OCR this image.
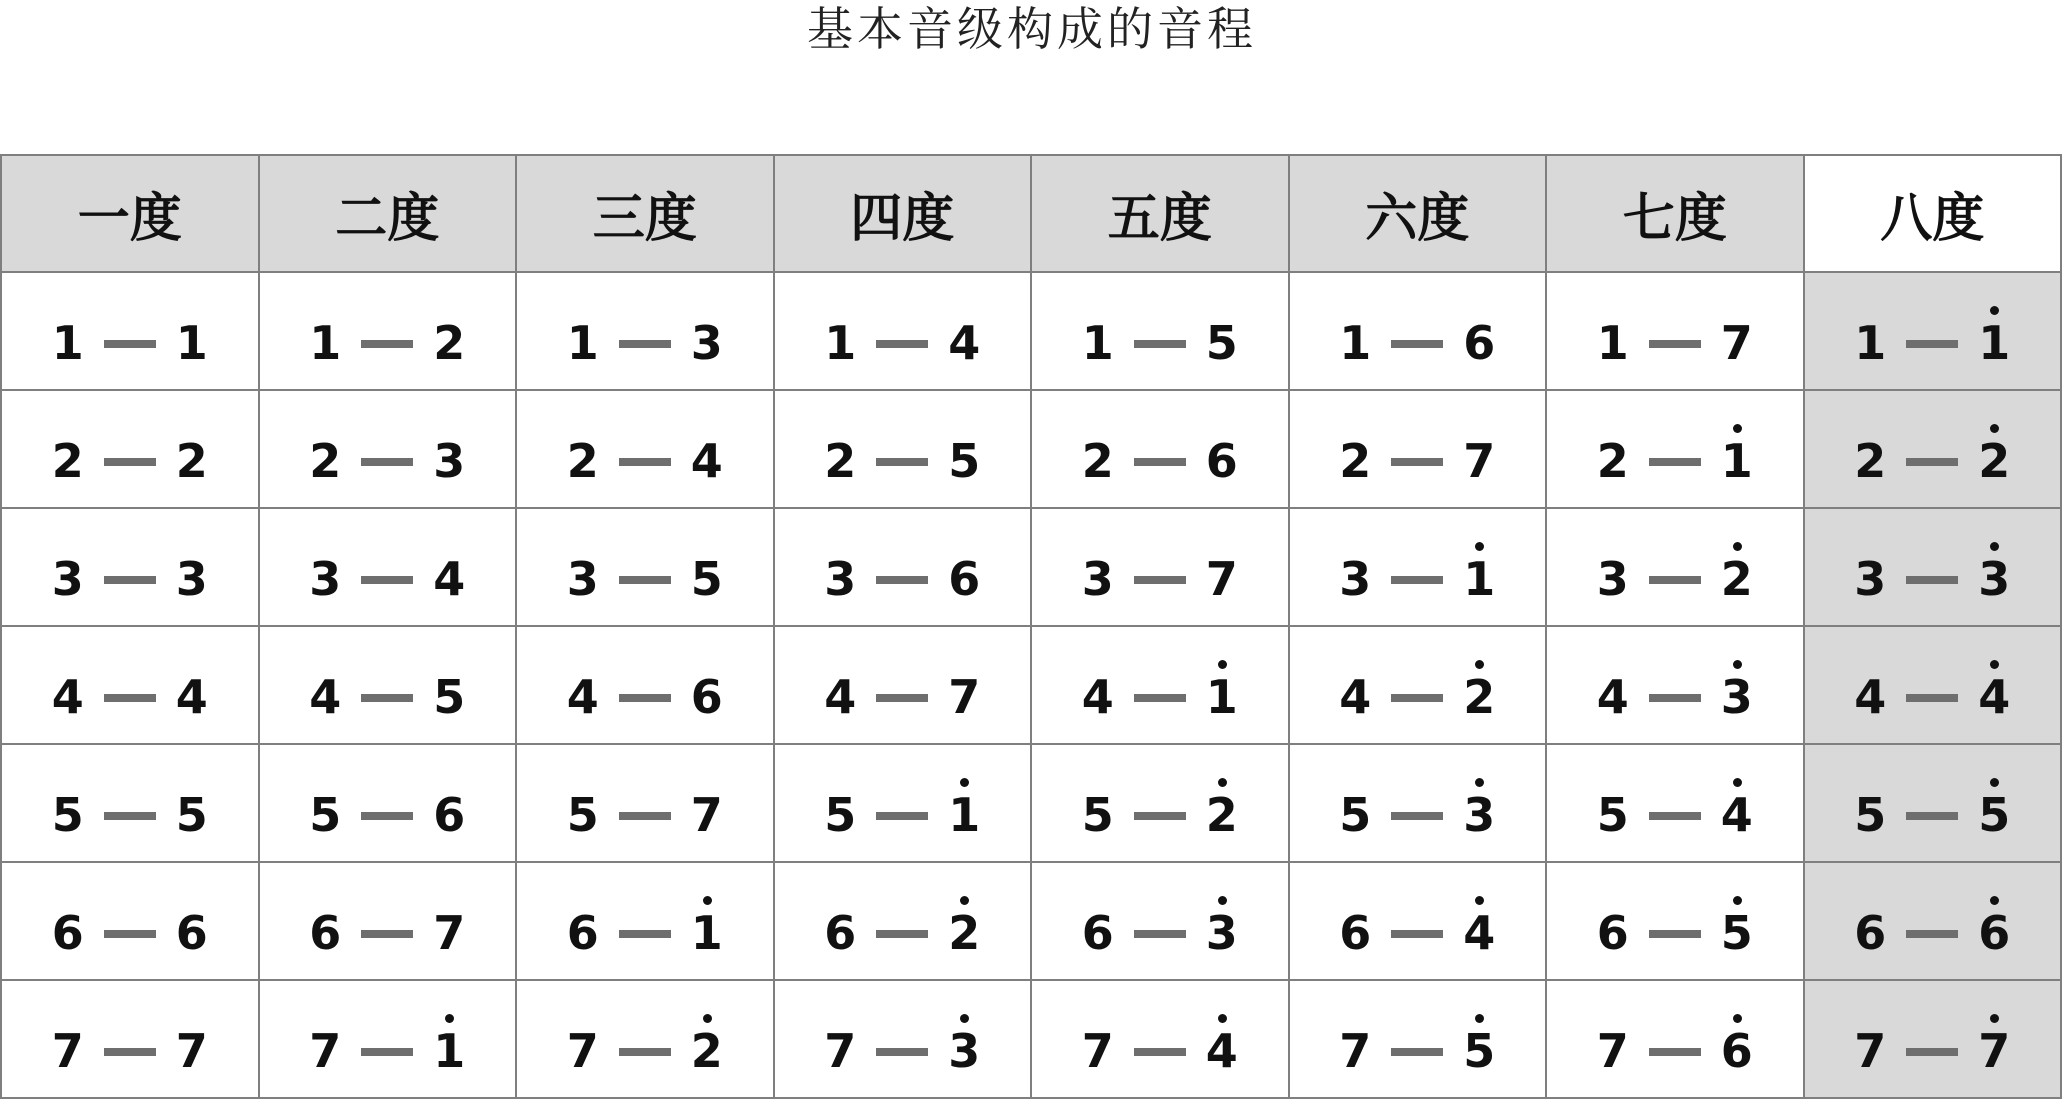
基本音级构成的音程
一度	二度	三度	四度	五度	六度	七度	八度

1 1	1 2	1 3	1 4	1 5	1 6	1 7	1 1

2 2	2 3	2 4	2 5	2 6	2 7	2 1	2 2

3 3	3 4	3 5	3 6	3 7	3 1	3 2	3 3

4 4	4 5	4 6	4 7	4 1	4 2	4 3	4 4

5 5	5 6	5 7	5 1	5 2	5 3	5 4	5 5

6 6	6 7	6 1	6 2	6 3	6 4	6 5	6 6

7 7	7 1	7 2	7 3	7 4	7 5	7 6	7 7
